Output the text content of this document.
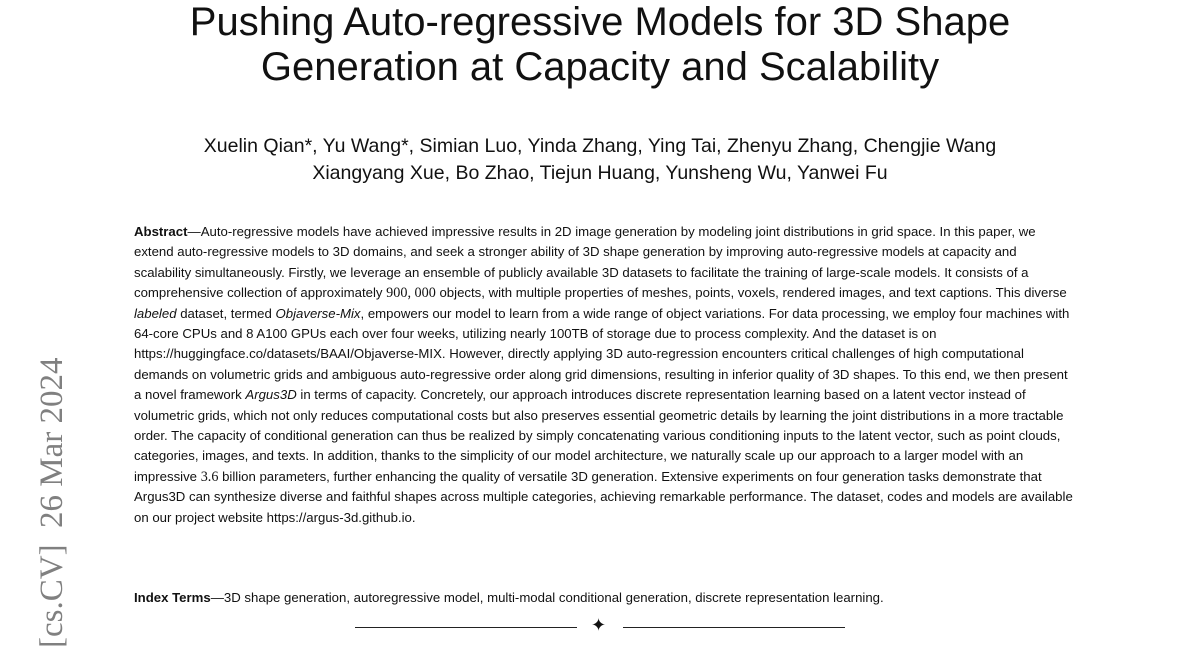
Pushing Auto-regressive Models for 3D Shape
Generation at Capacity and Scalability
Xuelin Qian*, Yu Wang*, Simian Luo, Yinda Zhang, Ying Tai, Zhenyu Zhang, Chengjie Wang
Xiangyang Xue, Bo Zhao, Tiejun Huang, Yunsheng Wu, Yanwei Fu

Abstract—Auto-regressive models have achieved impressive results in 2D image generation by modeling joint distributions in grid space. In this paper, we extend auto-regressive models to 3D domains, and seek a stronger ability of 3D shape generation by improving auto-regressive models at capacity and scalability simultaneously. Firstly, we leverage an ensemble of publicly available 3D datasets to facilitate the training of large-scale models. It consists of a comprehensive collection of approximately 900, 000 objects, with multiple properties of meshes, points, voxels, rendered images, and text captions. This diverse labeled dataset, termed Objaverse-Mix, empowers our model to learn from a wide range of object variations. For data processing, we employ four machines with 64-core CPUs and 8 A100 GPUs each over four weeks, utilizing nearly 100TB of storage due to process complexity. And the dataset is on https://huggingface.co/datasets/BAAI/Objaverse-MIX. However, directly applying 3D auto-regression encounters critical challenges of high computational demands on volumetric grids and ambiguous auto-regressive order along grid dimensions, resulting in inferior quality of 3D shapes. To this end, we then present a novel framework Argus3D in terms of capacity. Concretely, our approach introduces discrete representation learning based on a latent vector instead of volumetric grids, which not only reduces computational costs but also preserves essential geometric details by learning the joint distributions in a more tractable order. The capacity of conditional generation can thus be realized by simply concatenating various conditioning inputs to the latent vector, such as point clouds, categories, images, and texts. In addition, thanks to the simplicity of our model architecture, we naturally scale up our approach to a larger model with an impressive 3.6 billion parameters, further enhancing the quality of versatile 3D generation. Extensive experiments on four generation tasks demonstrate that Argus3D can synthesize diverse and faithful shapes across multiple categories, achieving remarkable performance. The dataset, codes and models are available on our project website https://argus-3d.github.io.

Index Terms—3D shape generation, autoregressive model, multi-modal conditional generation, discrete representation learning.
✦
[cs.CV]  26 Mar 2024
